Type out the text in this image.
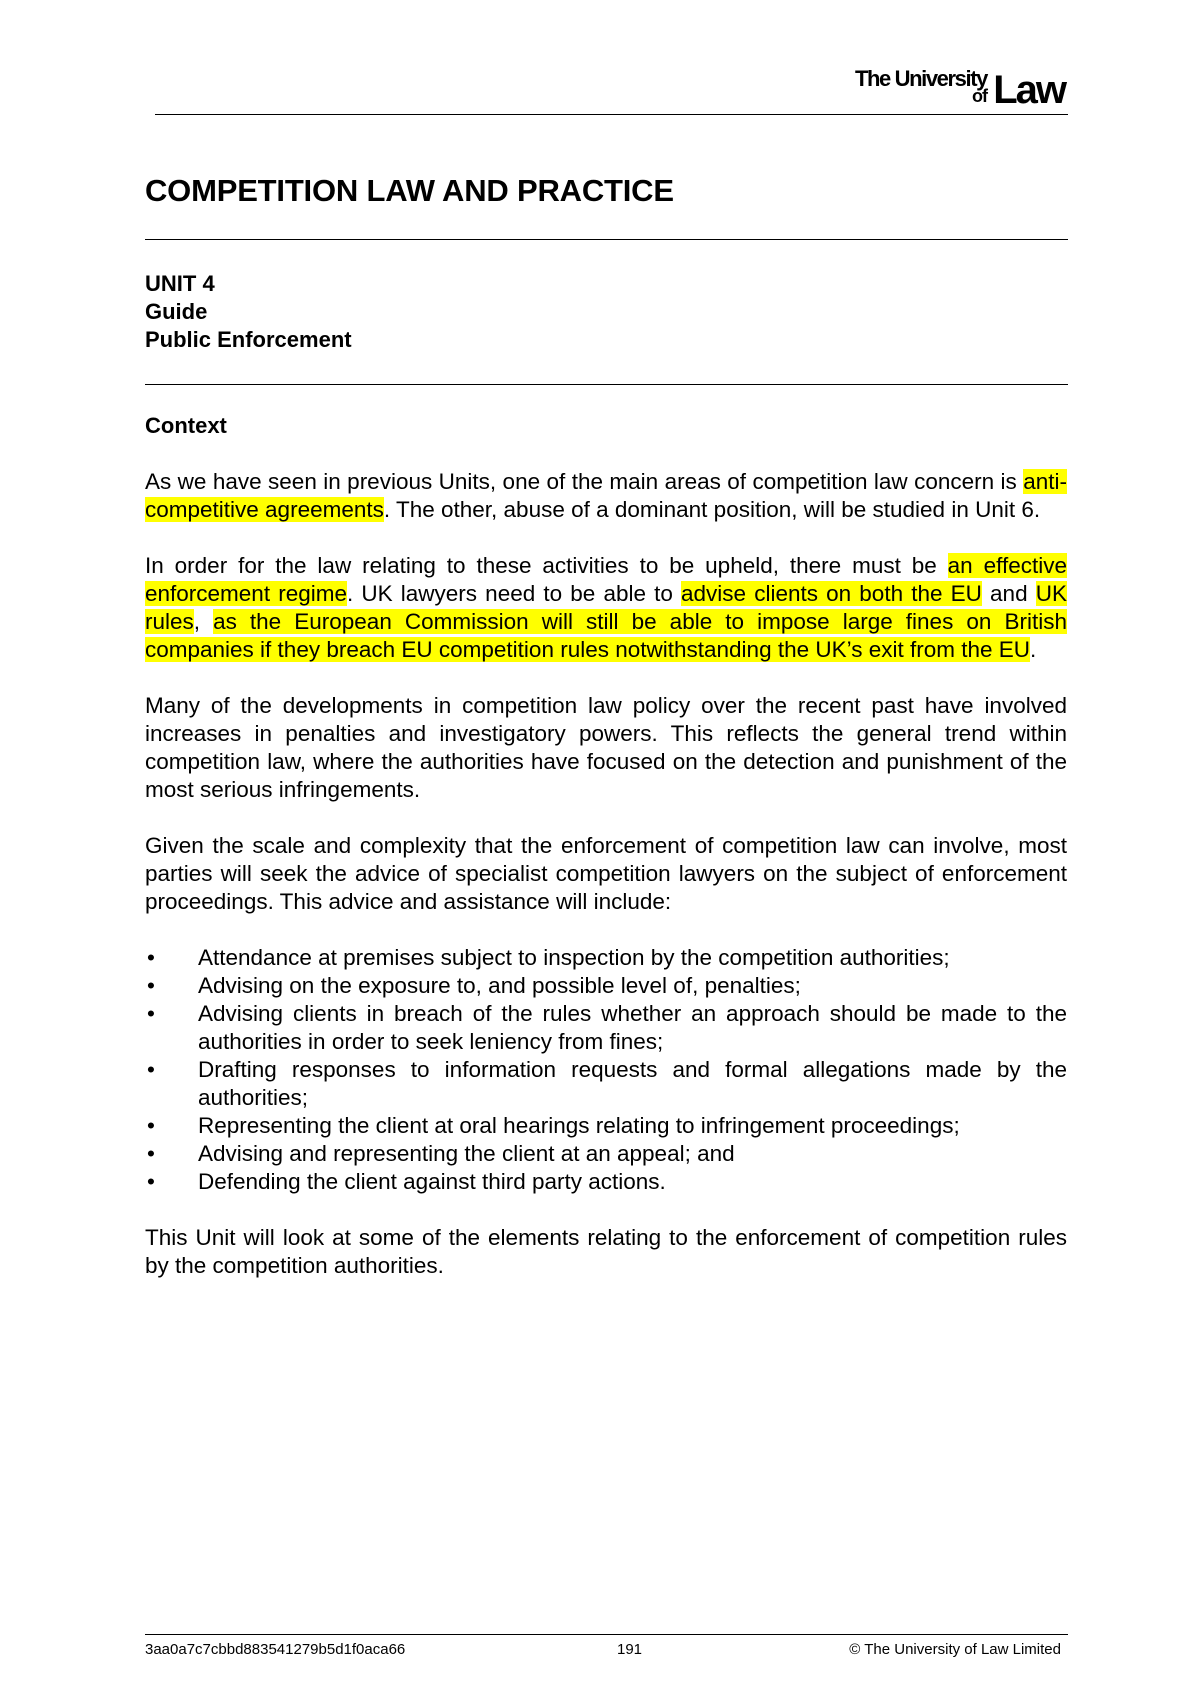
The University
of Law
COMPETITION LAW AND PRACTICE
UNIT 4
Guide
Public Enforcement
Context

As we have seen in previous Units, one of the main areas of competition law concern is anti-competitive agreements. The other, abuse of a dominant position, will be studied in Unit 6.

In order for the law relating to these activities to be upheld, there must be an effective enforcement regime. UK lawyers need to be able to advise clients on both the EU and UK rules, as the European Commission will still be able to impose large fines on British companies if they breach EU competition rules notwithstanding the UK’s exit from the EU.

Many of the developments in competition law policy over the recent past have involved increases in penalties and investigatory powers. This reflects the general trend within competition law, where the authorities have focused on the detection and punishment of the most serious infringements.

Given the scale and complexity that the enforcement of competition law can involve, most parties will seek the advice of specialist competition lawyers on the subject of enforcement proceedings. This advice and assistance will include:

• Attendance at premises subject to inspection by the competition authorities;
• Advising on the exposure to, and possible level of, penalties;
• Advising clients in breach of the rules whether an approach should be made to the authorities in order to seek leniency from fines;
• Drafting responses to information requests and formal allegations made by the authorities;
• Representing the client at oral hearings relating to infringement proceedings;
• Advising and representing the client at an appeal; and
• Defending the client against third party actions.

This Unit will look at some of the elements relating to the enforcement of competition rules by the competition authorities.

3aa0a7c7cbbd883541279b5d1f0aca66	191	© The University of Law Limited
